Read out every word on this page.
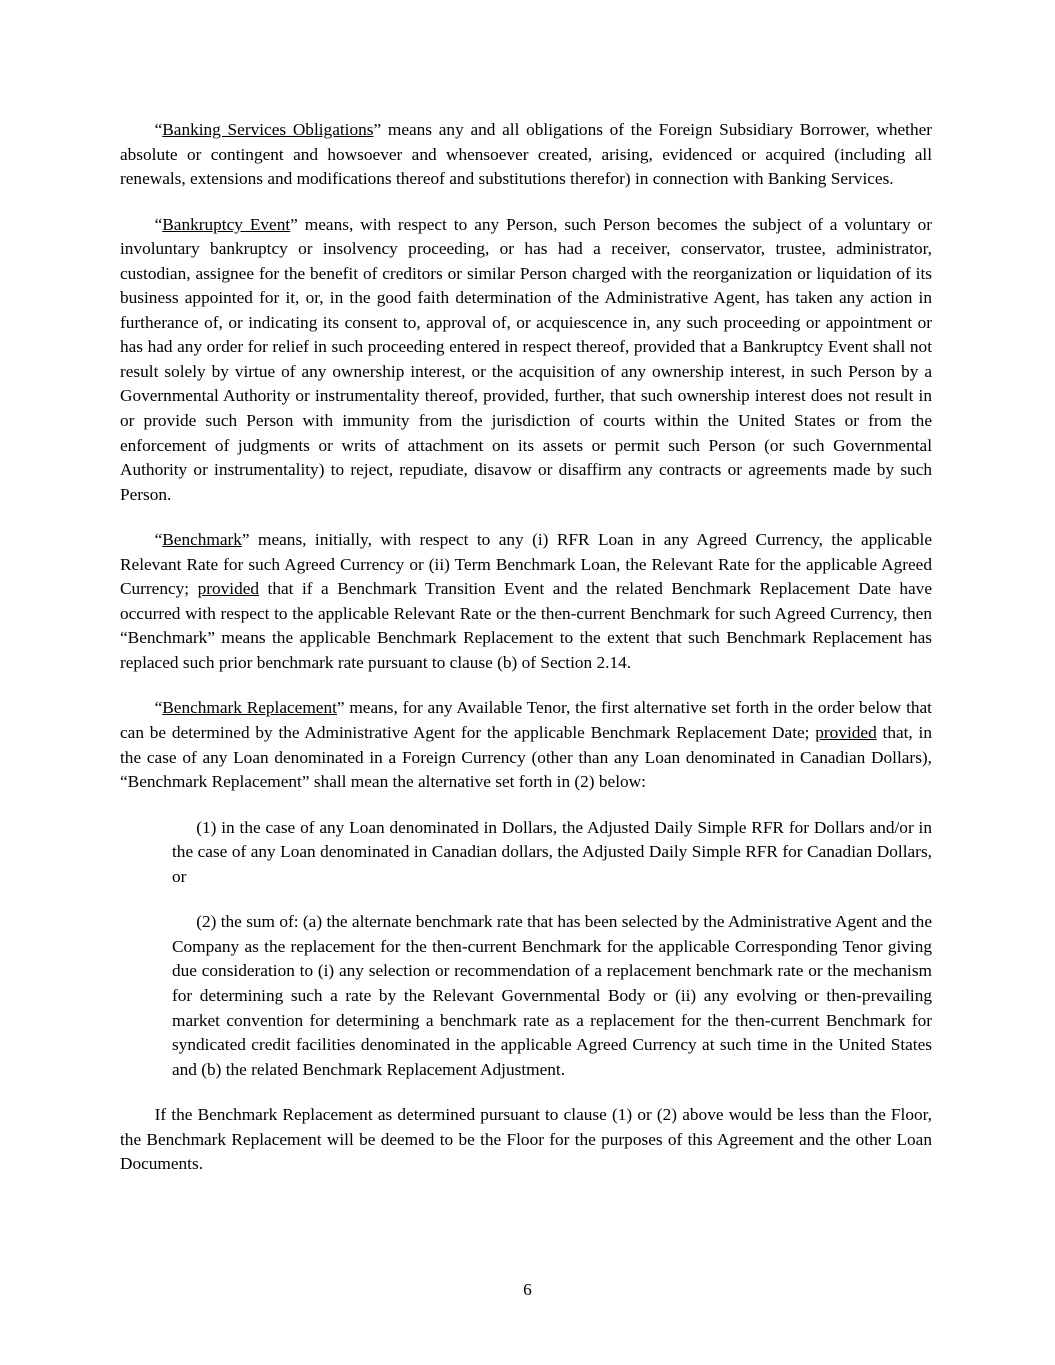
“Banking Services Obligations” means any and all obligations of the Foreign Subsidiary Borrower, whether absolute or contingent and howsoever and whensoever created, arising, evidenced or acquired (including all renewals, extensions and modifications thereof and substitutions therefor) in connection with Banking Services.

“Bankruptcy Event” means, with respect to any Person, such Person becomes the subject of a voluntary or involuntary bankruptcy or insolvency proceeding, or has had a receiver, conservator, trustee, administrator, custodian, assignee for the benefit of creditors or similar Person charged with the reorganization or liquidation of its business appointed for it, or, in the good faith determination of the Administrative Agent, has taken any action in furtherance of, or indicating its consent to, approval of, or acquiescence in, any such proceeding or appointment or has had any order for relief in such proceeding entered in respect thereof, provided that a Bankruptcy Event shall not result solely by virtue of any ownership interest, or the acquisition of any ownership interest, in such Person by a Governmental Authority or instrumentality thereof, provided, further, that such ownership interest does not result in or provide such Person with immunity from the jurisdiction of courts within the United States or from the enforcement of judgments or writs of attachment on its assets or permit such Person (or such Governmental Authority or instrumentality) to reject, repudiate, disavow or disaffirm any contracts or agreements made by such Person.

“Benchmark” means, initially, with respect to any (i) RFR Loan in any Agreed Currency, the applicable Relevant Rate for such Agreed Currency or (ii) Term Benchmark Loan, the Relevant Rate for the applicable Agreed Currency; provided that if a Benchmark Transition Event and the related Benchmark Replacement Date have occurred with respect to the applicable Relevant Rate or the then-current Benchmark for such Agreed Currency, then “Benchmark” means the applicable Benchmark Replacement to the extent that such Benchmark Replacement has replaced such prior benchmark rate pursuant to clause (b) of Section 2.14.

“Benchmark Replacement” means, for any Available Tenor, the first alternative set forth in the order below that can be determined by the Administrative Agent for the applicable Benchmark Replacement Date; provided that, in the case of any Loan denominated in a Foreign Currency (other than any Loan denominated in Canadian Dollars), “Benchmark Replacement” shall mean the alternative set forth in (2) below:

(1) in the case of any Loan denominated in Dollars, the Adjusted Daily Simple RFR for Dollars and/or in the case of any Loan denominated in Canadian dollars, the Adjusted Daily Simple RFR for Canadian Dollars, or

(2) the sum of: (a) the alternate benchmark rate that has been selected by the Administrative Agent and the Company as the replacement for the then-current Benchmark for the applicable Corresponding Tenor giving due consideration to (i) any selection or recommendation of a replacement benchmark rate or the mechanism for determining such a rate by the Relevant Governmental Body or (ii) any evolving or then-prevailing market convention for determining a benchmark rate as a replacement for the then-current Benchmark for syndicated credit facilities denominated in the applicable Agreed Currency at such time in the United States and (b) the related Benchmark Replacement Adjustment.

If the Benchmark Replacement as determined pursuant to clause (1) or (2) above would be less than the Floor, the Benchmark Replacement will be deemed to be the Floor for the purposes of this Agreement and the other Loan Documents.

6
